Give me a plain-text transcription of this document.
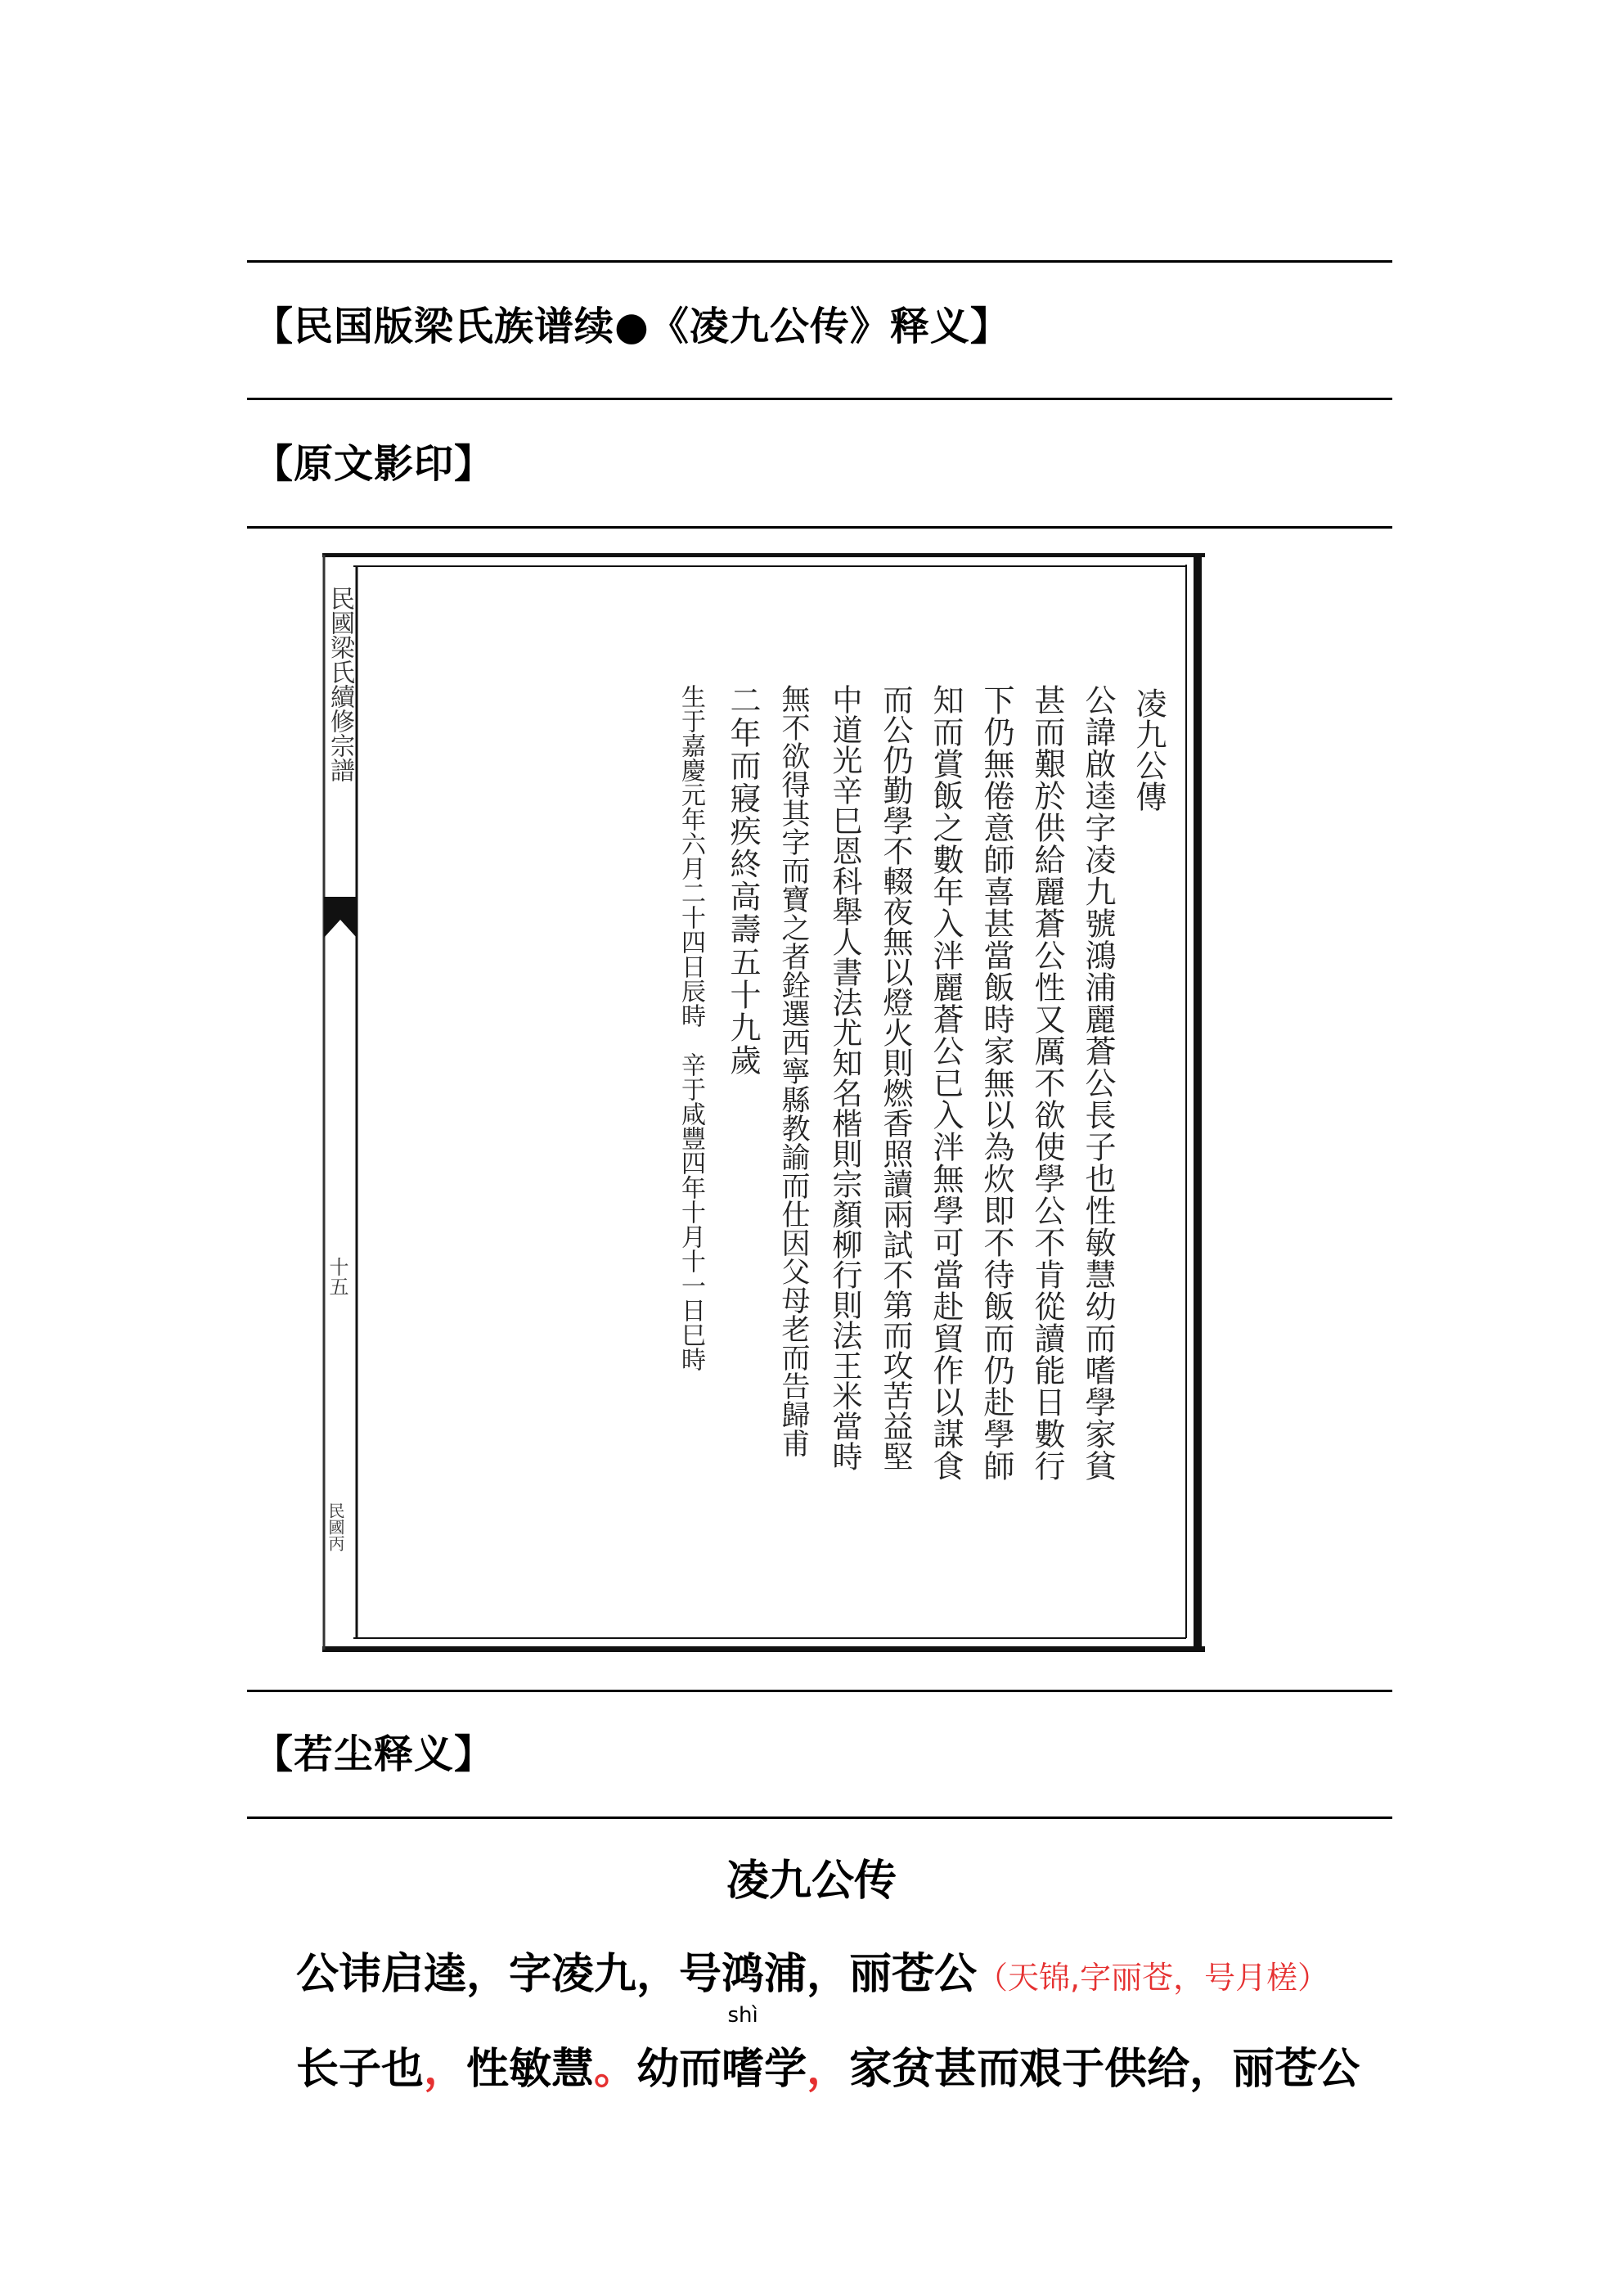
【民国版梁氏族谱续●《凌九公传》释义】
【原文影印】
民國梁氏續修宗譜
十五
民國丙
凌九公傳
公諱啟逵字凌九號鴻浦麗蒼公長子也性敏慧幼而嗜學家貧
甚而艱於供給麗蒼公性又厲不欲使學公不肯從讀能日數行
下仍無倦意師喜甚當飯時家無以為炊即不待飯而仍赴學師
知而賞飯之數年入泮麗蒼公已入泮無學可當赴貿作以謀食
而公仍勤學不輟夜無以燈火則燃香照讀兩試不第而攻苦益堅
中道光辛巳恩科舉人書法尤知名楷則宗顏柳行則法王米當時
無不欲得其字而寶之者銓選西寧縣教諭而仕因父母老而告歸甫
二年而寢疾終高壽五十九歲
生于嘉慶元年六月二十四日辰時　辛于咸豐四年十月十一日巳時
【若尘释义】
凌九公传
公讳启逵，字凌九，号鸿浦，丽苍公（天锦,字丽苍，号月槎）
长子也，性敏慧。幼而
shì
嗜学，家贫甚而艰于供给，丽苍公
